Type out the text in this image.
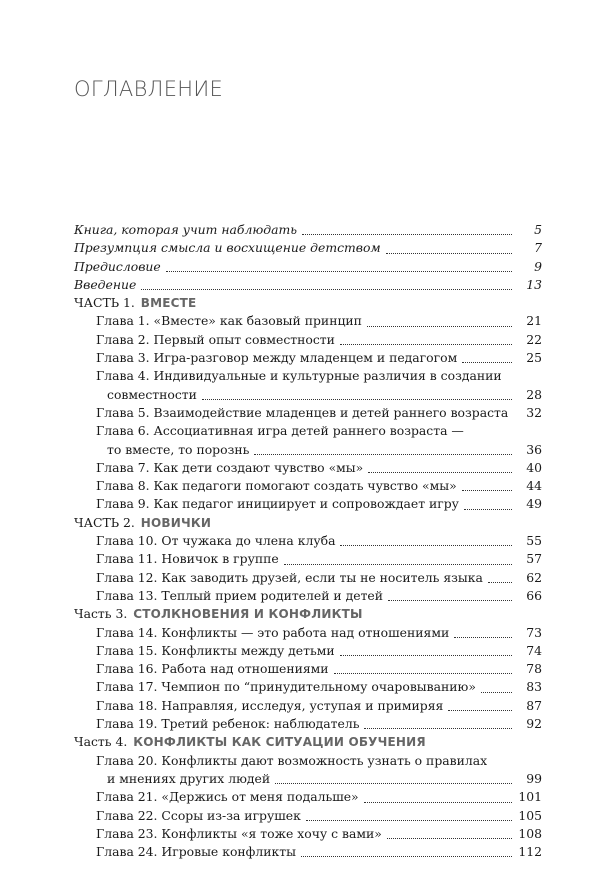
ОГЛАВЛЕНИЕ
Книга, которая учит наблюдать	5
Презумпция смысла и восхищение детством	7
Предисловие	9
Введение	13
ЧАСТЬ 1. ВМЕСТЕ
Глава 1. «Вместе» как базовый принцип	21
Глава 2. Первый опыт совместности	22
Глава 3. Игра-разговор между младенцем и педагогом	25
Глава 4. Индивидуальные и культурные различия в создании
совместности	28
Глава 5. Взаимодействие младенцев и детей раннего возраста 32
Глава 6. Ассоциативная игра детей раннего возраста —
то вместе, то порознь	36
Глава 7. Как дети создают чувство «мы»	40
Глава 8. Как педагоги помогают создать чувство «мы»	44
Глава 9. Как педагог инициирует и сопровождает игру	49
ЧАСТЬ 2. НОВИЧКИ
Глава 10. От чужака до члена клуба	55
Глава 11. Новичок в группе	57
Глава 12. Как заводить друзей, если ты не носитель языка	62
Глава 13. Теплый прием родителей и детей	66
Часть 3. СТОЛКНОВЕНИЯ И КОНФЛИКТЫ
Глава 14. Конфликты — это работа над отношениями	73
Глава 15. Конфликты между детьми	74
Глава 16. Работа над отношениями	78
Глава 17. Чемпион по “принудительному очаровыванию»	83
Глава 18. Направляя, исследуя, уступая и примиряя	87
Глава 19. Третий ребенок: наблюдатель	92
Часть 4. КОНФЛИКТЫ КАК СИТУАЦИИ ОБУЧЕНИЯ
Глава 20. Конфликты дают возможность узнать о правилах
и мнениях других людей	99
Глава 21. «Держись от меня подальше»	101
Глава 22. Ссоры из-за игрушек	105
Глава 23. Конфликты «я тоже хочу с вами»	108
Глава 24. Игровые конфликты	112
